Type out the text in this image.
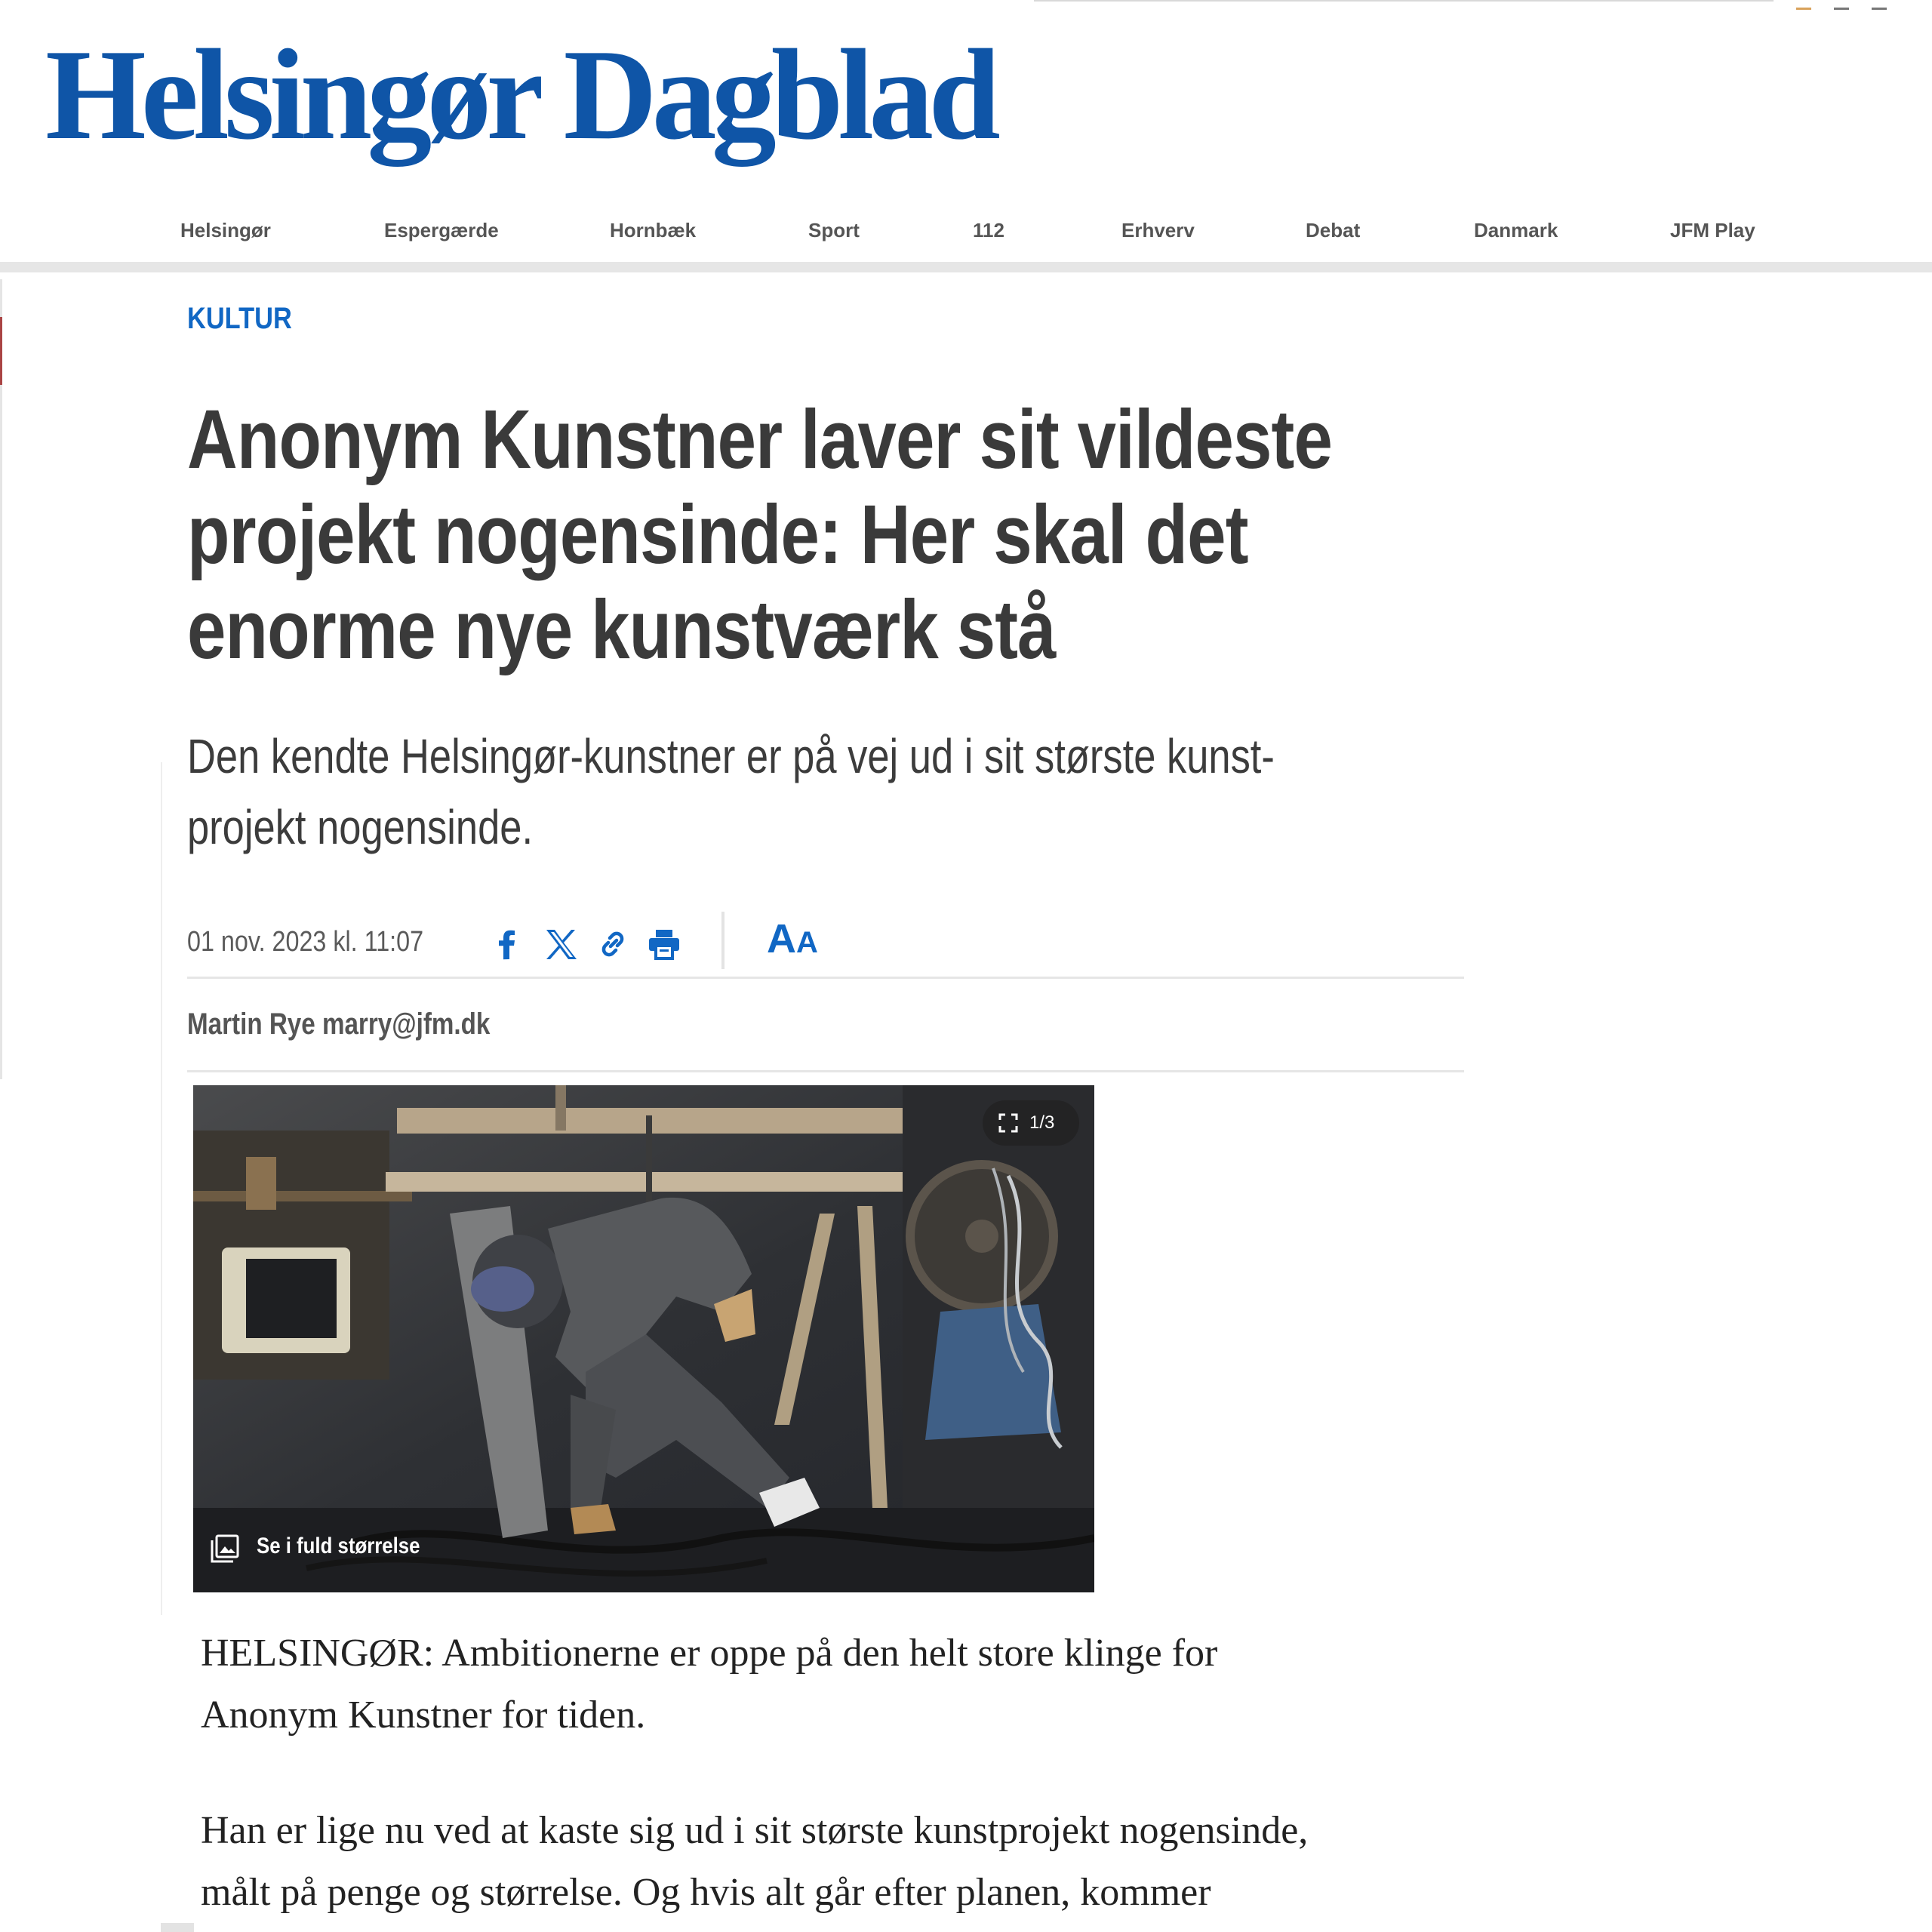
Helsingør Dagblad
Helsingør	Espergærde	Hornbæk	Sport	112	Erhverv	Debat	Danmark	JFM Play
KULTUR
Anonym Kunstner laver sit vildeste
projekt nogensinde: Her skal det
enorme nye kunstværk stå
Den kendte Helsingør-kunstner er på vej ud i sit største kunst-
projekt nogensinde.
01 nov. 2023 kl. 11:07	AA
Martin Rye marry@jfm.dk
1/3
Se i fuld størrelse
HELSINGØR: Ambitionerne er oppe på den helt store klinge for
Anonym Kunstner for tiden.
Han er lige nu ved at kaste sig ud i sit største kunstprojekt nogensinde,
målt på penge og størrelse. Og hvis alt går efter planen, kommer
